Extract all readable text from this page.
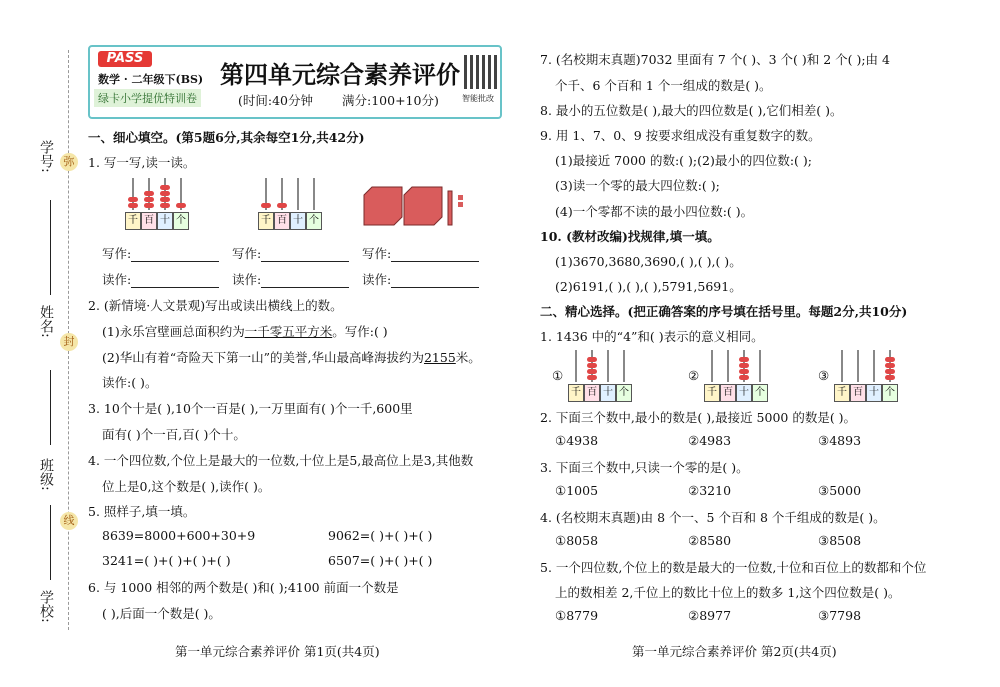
学号:
姓名:
班级:
学校:
弥
封
线
PASS
数学 · 二年级下(BS)
绿卡小学提优特训卷
第四单元综合素养评价
(时间:40分钟 满分:100+10分)	智能批改
一、细心填空。(第5题6分,其余每空1分,共42分)
1. 写一写,读一读。
千 百 十 个	千 百 十 个
写作:	写作:	写作:
读作:	读作:	读作:
2. (新情境·人文景观)写出或读出横线上的数。
(1)永乐宫壁画总面积约为一千零五平方米。写作:( )
(2)华山有着“奇险天下第一山”的美誉,华山最高峰海拔约为2155米。
读作:( )。
3. 10个十是( ),10个一百是( ),一万里面有( )个一千,600里
面有( )个一百,百( )个十。
4. 一个四位数,个位上是最大的一位数,十位上是5,最高位上是3,其他数
位上是0,这个数是( ),读作( )。
5. 照样子,填一填。
8639=8000+600+30+9	9062=( )+( )+( )
3241=( )+( )+( )+( )	6507=( )+( )+( )
6. 与 1000 相邻的两个数是( )和( );4100 前面一个数是
( ),后面一个数是( )。
第一单元综合素养评价 第1页(共4页)
7. (名校期末真题)7032 里面有 7 个( )、3 个( )和 2 个( );由 4
个千、6 个百和 1 个一组成的数是( )。
8. 最小的五位数是( ),最大的四位数是( ),它们相差( )。
9. 用 1、7、0、9 按要求组成没有重复数字的数。
(1)最接近 7000 的数:( );(2)最小的四位数:( );
(3)读一个零的最大四位数:( );
(4)一个零都不读的最小四位数:( )。
10. (教材改编)找规律,填一填。
(1)3670,3680,3690,( ),( ),( )。
(2)6191,( ),( ),( ),5791,5691。
二、精心选择。(把正确答案的序号填在括号里。每题2分,共10分)
1. 1436 中的“4”和( )表示的意义相同。
①
千 百 十 个
②
千 百 十 个
③
千 百 十 个
2. 下面三个数中,最小的数是( ),最接近 5000 的数是( )。
①4938	②4983	③4893
3. 下面三个数中,只读一个零的是( )。
①1005	②3210	③5000
4. (名校期末真题)由 8 个一、5 个百和 8 个千组成的数是( )。
①8058	②8580	③8508
5. 一个四位数,个位上的数是最大的一位数,十位和百位上的数都和个位
上的数相差 2,千位上的数比十位上的数多 1,这个四位数是( )。
①8779	②8977	③7798
第一单元综合素养评价 第2页(共4页)
